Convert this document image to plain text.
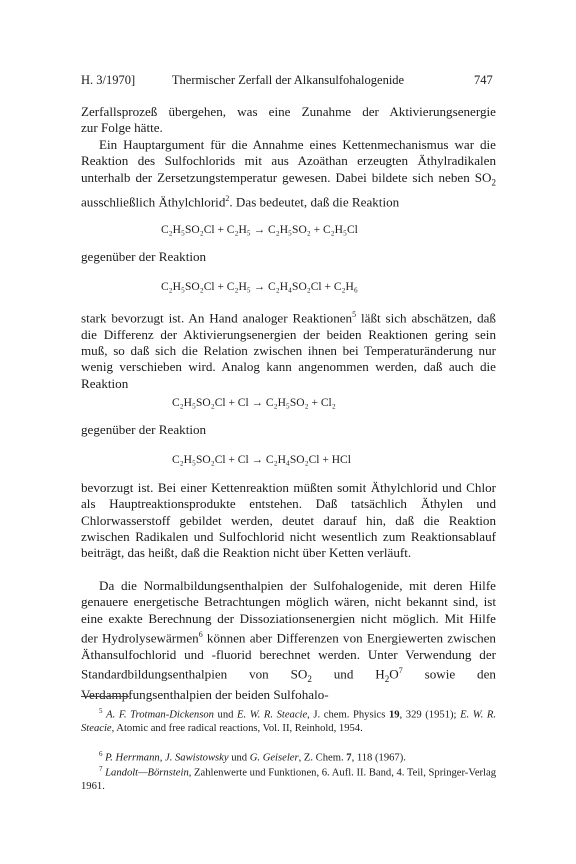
H. 3/1970]	Thermischer Zerfall der Alkansulfohalogenide	747

Zerfallsprozeß übergehen, was eine Zunahme der Aktivierungsenergie

zur Folge hätte.

Ein Hauptargument für die Annahme eines Kettenmechanismus war die Reaktion des Sulfochlorids mit aus Azoäthan erzeugten Äthylradikalen unterhalb der Zersetzungstemperatur gewesen. Dabei bildete sich neben $SO_2$ ausschließlich Äthylchlorid$^2$. Das bedeutet, daß die Reaktion

C₂H₅SO₂Cl + C₂H₅ → C₂H₅SO₂ + C₂H₅Cl
gegenüber der Reaktion
C₂H₅SO₂Cl + C₂H₅ → C₂H₄SO₂Cl + C₂H₆

stark bevorzugt ist. An Hand analoger Reaktionen$^5$ läßt sich abschätzen, daß die Differenz der Aktivierungsenergien der beiden Reaktionen gering sein muß, so daß sich die Relation zwischen ihnen bei Temperaturänderung nur wenig verschieben wird. Analog kann angenommen werden, daß auch die Reaktion

C₂H₅SO₂Cl + Cl → C₂H₅SO₂ + Cl₂
gegenüber der Reaktion
C₂H₅SO₂Cl + Cl → C₂H₄SO₂Cl + HCl

bevorzugt ist. Bei einer Kettenreaktion müßten somit Äthylchlorid und Chlor als Hauptreaktionsprodukte entstehen. Daß tatsächlich Äthylen und Chlorwasserstoff gebildet werden, deutet darauf hin, daß die Reaktion zwischen Radikalen und Sulfochlorid nicht wesentlich zum Reaktionsablauf beiträgt, das heißt, daß die Reaktion nicht über Ketten verläuft.

Da die Normalbildungsenthalpien der Sulfohalogenide, mit deren Hilfe genauere energetische Betrachtungen möglich wären, nicht bekannt sind, ist eine exakte Berechnung der Dissoziationsenergien nicht möglich. Mit Hilfe der Hydrolysewärmen$^6$ können aber Differenzen von Energiewerten zwischen Äthansulfochlorid und -fluorid berechnet werden. Unter Verwendung der Standardbildungsenthalpien von $SO_2$ und $H_2O^7$ sowie den Verdampfungsenthalpien der beiden Sulfohalo-

$^5$ A. F. Trotman-Dickenson und E. W. R. Steacie, J. chem. Physics 19, 329 (1951); E. W. R. Steacie, Atomic and free radical reactions, Vol. II, Reinhold, 1954.
$^6$ P. Herrmann, J. Sawistowsky und G. Geiseler, Z. Chem. 7, 118 (1967).
$^7$ Landolt—Börnstein, Zahlenwerte und Funktionen, 6. Aufl. II. Band, 4. Teil, Springer-Verlag 1961.
